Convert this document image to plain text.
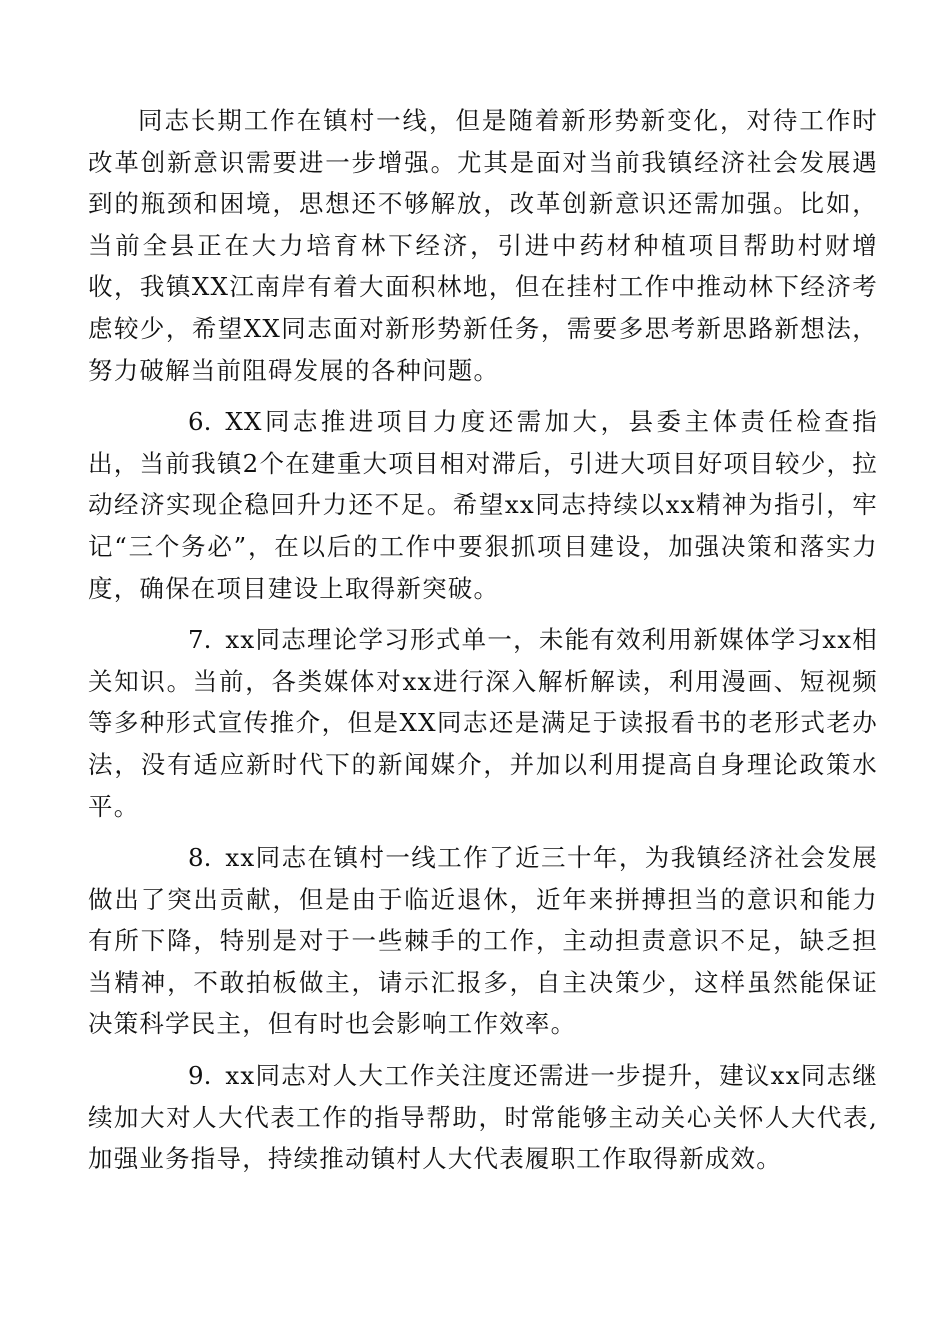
同志长期工作在镇村一线，但是随着新形势新变化，对待工作时改革创新意识需要进一步增强。尤其是面对当前我镇经济社会发展遇到的瓶颈和困境，思想还不够解放，改革创新意识还需加强。比如，当前全县正在大力培育林下经济，引进中药材种植项目帮助村财增收，我镇XX江南岸有着大面积林地，但在挂村工作中推动林下经济考虑较少，希望XX同志面对新形势新任务，需要多思考新思路新想法，努力破解当前阻碍发展的各种问题。

6. XX同志推进项目力度还需加大，县委主体责任检查指出，当前我镇2个在建重大项目相对滞后，引进大项目好项目较少，拉动经济实现企稳回升力还不足。希望xx同志持续以xx精神为指引，牢记“三个务必”，在以后的工作中要狠抓项目建设，加强决策和落实力度，确保在项目建设上取得新突破。

7. xx同志理论学习形式单一，未能有效利用新媒体学习xx相关知识。当前，各类媒体对xx进行深入解析解读，利用漫画、短视频等多种形式宣传推介，但是XX同志还是满足于读报看书的老形式老办法，没有适应新时代下的新闻媒介，并加以利用提高自身理论政策水平。

8. xx同志在镇村一线工作了近三十年，为我镇经济社会发展做出了突出贡献，但是由于临近退休，近年来拼搏担当的意识和能力有所下降，特别是对于一些棘手的工作，主动担责意识不足，缺乏担当精神，不敢拍板做主，请示汇报多，自主决策少，这样虽然能保证决策科学民主，但有时也会影响工作效率。

9. xx同志对人大工作关注度还需进一步提升，建议xx同志继续加大对人大代表工作的指导帮助，时常能够主动关心关怀人大代表,加强业务指导，持续推动镇村人大代表履职工作取得新成效。
